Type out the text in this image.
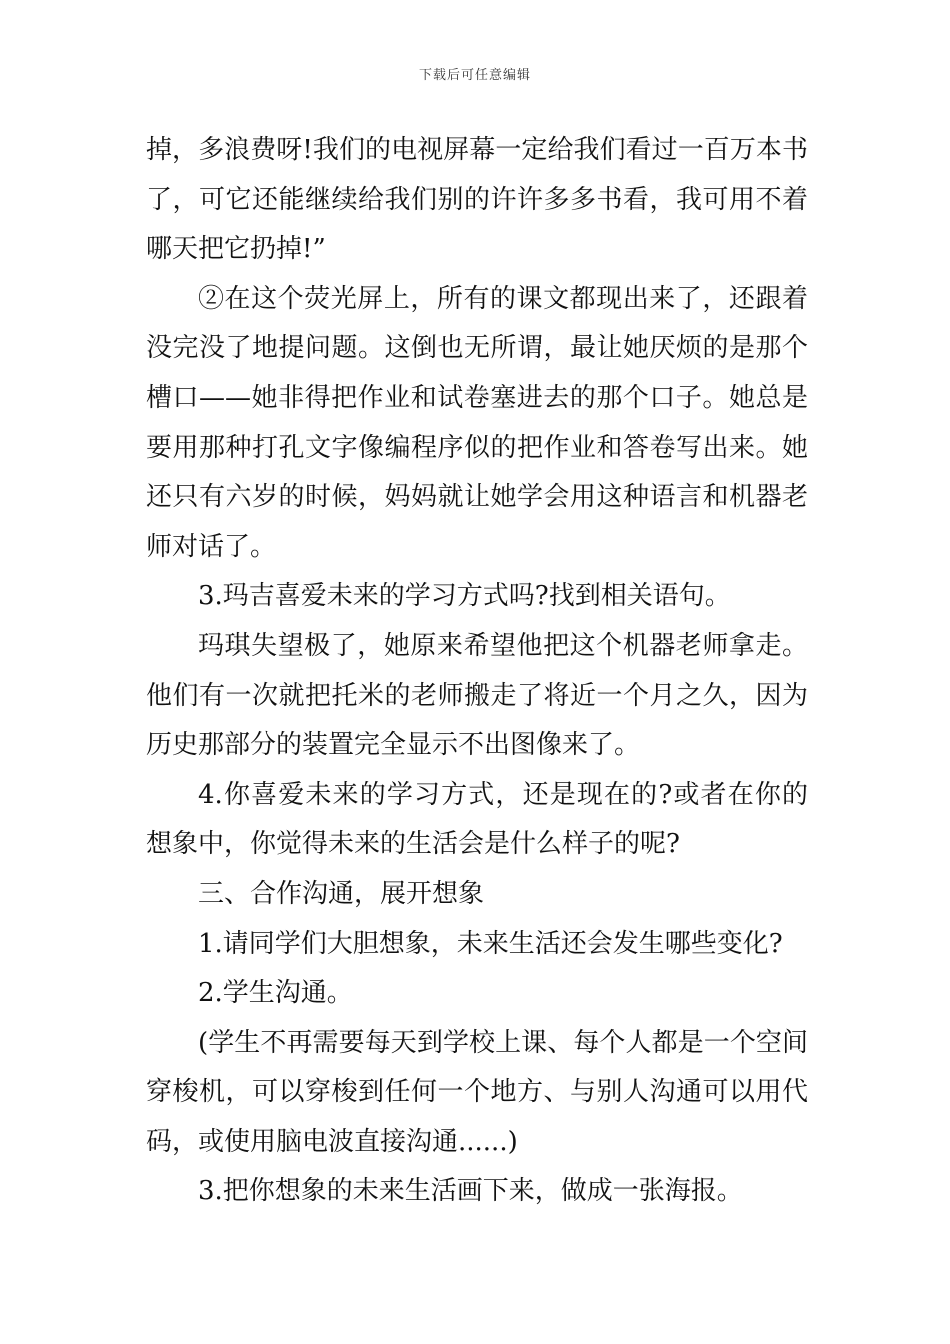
下载后可任意编辑

掉，多浪费呀!我们的电视屏幕一定给我们看过一百万本书了，可它还能继续给我们别的许许多多书看，我可用不着哪天把它扔掉!”

②在这个荧光屏上，所有的课文都现出来了，还跟着没完没了地提问题。这倒也无所谓，最让她厌烦的是那个槽口——她非得把作业和试卷塞进去的那个口子。她总是要用那种打孔文字像编程序似的把作业和答卷写出来。她还只有六岁的时候，妈妈就让她学会用这种语言和机器老师对话了。

3.玛吉喜爱未来的学习方式吗?找到相关语句。

玛琪失望极了，她原来希望他把这个机器老师拿走。他们有一次就把托米的老师搬走了将近一个月之久，因为历史那部分的装置完全显示不出图像来了。

4.你喜爱未来的学习方式，还是现在的?或者在你的想象中，你觉得未来的生活会是什么样子的呢?

三、合作沟通，展开想象

1.请同学们大胆想象，未来生活还会发生哪些变化?

2.学生沟通。

(学生不再需要每天到学校上课、每个人都是一个空间穿梭机，可以穿梭到任何一个地方、与别人沟通可以用代码，或使用脑电波直接沟通......)

3.把你想象的未来生活画下来，做成一张海报。
